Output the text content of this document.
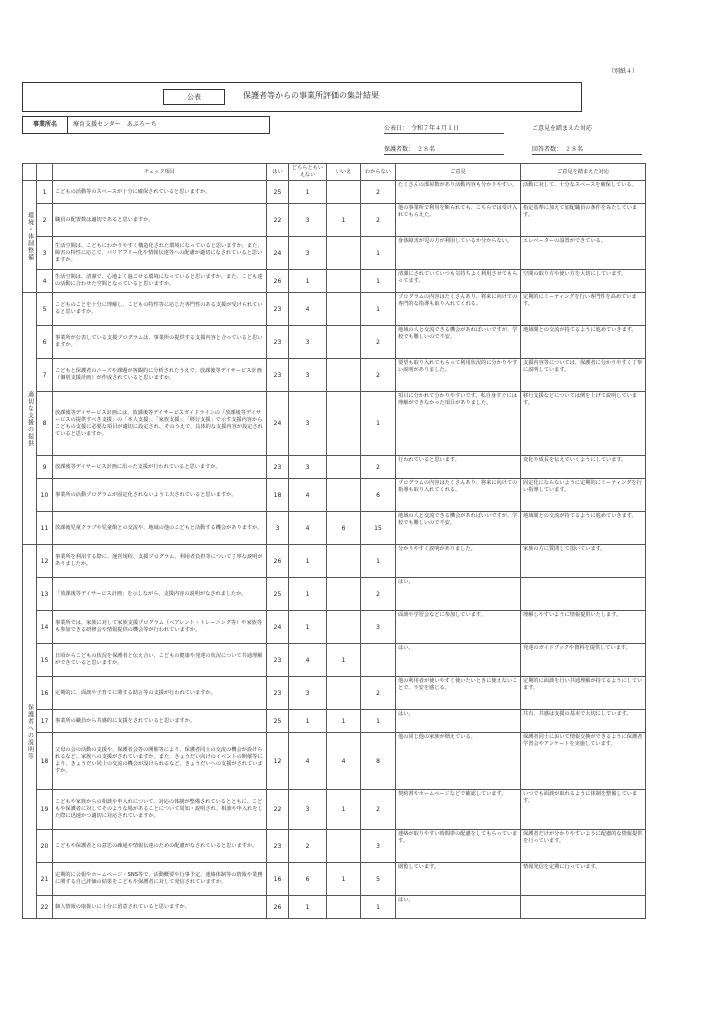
（別紙４）
公表	保護者等からの事業所評価の集計結果
事業所名	療育支援センター　あぷろーち
公表日：　令和７年４月１日	ご意見を踏まえた対応
保護者数：　２８名	回答者数：　２８名
		チェック項目	はい	どちらともいえない	いいえ	わからない	ご意見	ご意見を踏まえた対応
環境・体制整備	1	こどもの活動等のスペースが十分に確保されていると思いますか。	25	1		2	たくさんの部屋数があり活動内容も分かりやすい。	活動に対して、十分なスペースを確保している。
	2	職員の配置数は適切であると思いますか。	22	3	1	2	他の事業所で利用を断られても、こちらでは受け入れてもらえた。	指定基準に加えて加配職員の条件をみたしています。
	3	生活空間は、こどもにわかりやすく構造化された環境になっていると思いますか。また、障害の特性に応じて、バリアフリー化や情報伝達等への配慮が適切になされていると思いますか。	24	3		1	身体障害が児の方が利用しているか分からない。	エレベーターの設置ができている。
	4	生活空間は、清潔で、心地よく過ごせる環境になっていると思いますか。また、こども達の活動に合わせた空間となっていると思いますか。	26	1		1	清潔にされていていつも気持ちよく利用させてもらってます。	空間の取り方や使い方を大切にしています。
適切な支援の提供	5	こどものことを十分に理解し、こどもの特性等に応じた専門性のある支援が受けられていると思いますか。	23	4		1	プログラムの内容はたくさんあり、将来に向けての専門的な指導も取り入れてくれる。	定期的にミーティングを行い専門性を高めています。
	6	事業所が公表している支援プログラムは、事業所の提供する支援内容と合っていると思いますか。	23	3		2	地域の人と交流できる機会があればいいですが、学校でも難しいので不安。	地域間との交流が持てるように進めていきます。
	7	こどもと保護者のニーズや課題が客観的に分析されたうえで、放課後等デイサービス計画（個別支援計画）が作成されていると思いますか。	23	3		2	要望も取り入れてもらって利用状況的に分かりやすい説明がありました。	支援内容等については、保護者に分かりやすく丁寧に説明しています。
	8	放課後等デイサービス計画には、放課後等デイサービスガイドラインの「放課後等デイサービスの提供すべき支援」の「本人支援」、「家族支援」、「移行支援」で示す支援内容からこどもの支援に必要な項目が適切に設定され、そのうえで、具体的な支援内容が設定されていると思いますか。	24	3		1	項目に分かれて分かりやすいです。私自身すぐには理解ができなかった項目がありました。	移行支援などについては例を上げて説明しています。
	9	放課後等デイサービス計画に沿った支援が行われていると思いますか。	23	3		2	行われていると思います。	変化や成長を伝えていくようにしています。
	10	事業所の活動プログラムが固定化されないよう工夫されていると思いますか。	18	4		6	プログラムの内容はたくさんあり、将来に向けての指導も取り入れてくれる。	固定化にならないように定期的にミーティングを行い指導しています。
	11	放課後児童クラブや児童館との交流や、地域の他のこどもと活動する機会がありますか。	3	4	6	15	地域の人と交流できる機会があればいいですが、学校でも難しいので不安。	地域間との交流が持てるように進めていきます。
保護者への説明等	12	事業所を利用する際に、運営規程、支援プログラム、利用者負担等について丁寧な説明がありましたか。	26	1		1	分かりやすく説明がありました。	家族の方に質問して頂いています。
	13	「放課後等デイサービス計画」を示しながら、支援内容の説明がなされましたか。	25	1		2	はい。	
	14	事業所では、家族に対して家族支援プログラム（ペアレント・トレーニング等）や家族等も参加できる研修会や情報提供の機会等が行われていますか。	24	1		3	面談や学習会などに参加しています。	理解しやすいように情報提供いたします。
	15	日頃からこどもの状況を保護者と伝え合い、こどもの健康や発達の状況について共通理解ができていると思いますか。	23	4	1		はい。	発達のガイドブックや資料を提供しています。
	16	定期的に、面談や子育てに関する助言等の支援が行われていますか。	23	3		2	他の利用者が使いやすく使いたいときに使えないことで、不安を感じる。	定期的に面談を行い共通理解が持てるようにしています。
	17	事業所の職員から共感的に支援をされていると思いますか。	25	1	1	1	はい。	共有、共感は支援の基本で大切にしています。
	18	父母の会の活動の支援や、保護者会等の開催等により、保護者同士の交流の機会が設けられるなど、家族への支援がされていますか。また、きょうだい向けのイベントの開催等により、きょうだい同士の交流の機会が設けられるなど、きょうだいへの支援がされていますか。	12	4	4	8	他の同じ他の家族が増えている。	保護者同士において情報交換ができるように保護者学習会やアンケートを実施しています。
	19	こどもや家族からの相談や申入れについて、対応の体制が整備されているとともに、こどもや保護者に対してそのような場があることについて周知・説明され、相談や申入れをした際に迅速かつ適切に対応されていますか。	22	3	1	2	契約書やホームページなどで確認しています。	いつでも面談が取れるように体制を整備しています。
	20	こどもや保護者との意思の疎通や情報伝達のための配慮がなされていると思いますか。	23	2		3	連絡が取りやすい時間帯の配慮をしてもらっています。	保護者だけが分かりやすいように配慮的な情報提供を行っています。
	21	定期的に会報やホームページ・SNS等で、活動概要や行事予定、連絡体制等の情報や業務に関する自己評価の結果をこどもや保護者に対して発信されていますか。	16	6	1	5	閲覧しています。	情報発信を定期に行っています。
	22	個人情報の取扱いに十分に留意されていると思いますか。	26	1		1	はい。	
